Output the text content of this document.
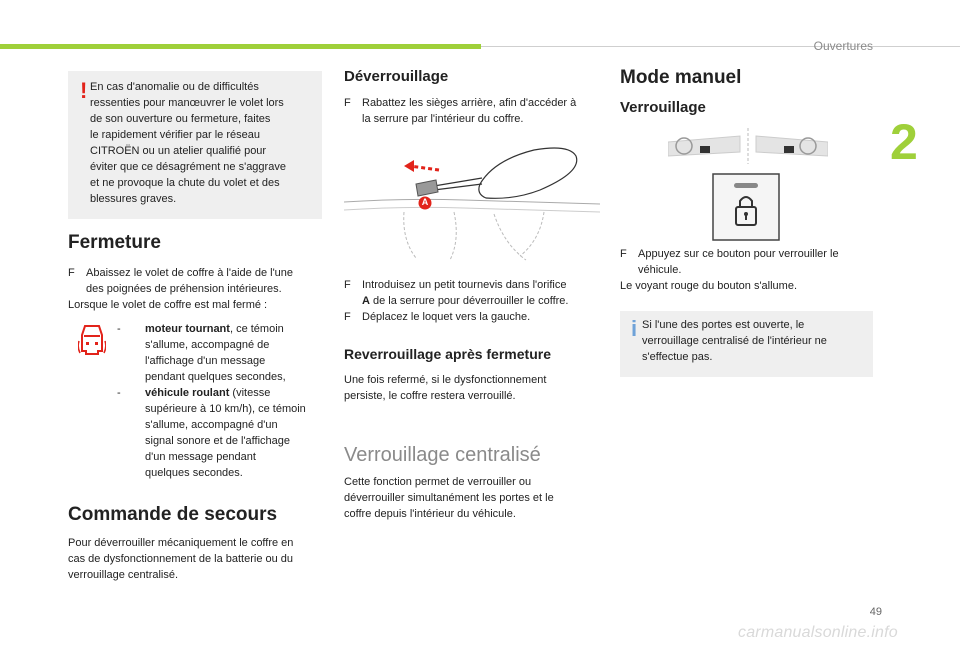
Ouvertures
2
49
carmanualsonline.info
! En cas d'anomalie ou de difficultés

ressenties pour manœuvrer le volet lors

de son ouverture ou fermeture, faites

le rapidement vérifier par le réseau

CITROËN ou un atelier qualifié pour

éviter que ce désagrément ne s'aggrave

et ne provoque la chute du volet et des

blessures graves.

Fermeture
F Abaissez le volet de coffre à l'aide de l'une
des poignées de préhension intérieures.

Lorsque le volet de coffre est mal fermé :

- moteur tournant, ce témoin
s'allume, accompagné de
l'affichage d'un message
pendant quelques secondes,
- véhicule roulant (vitesse
supérieure à 10 km/h), ce témoin
s'allume, accompagné d'un
signal sonore et de l'affichage
d'un message pendant
quelques secondes.
Commande de secours

Pour déverrouiller mécaniquement le coffre en

cas de dysfonctionnement de la batterie ou du

verrouillage centralisé.

Déverrouillage
F Rabattez les sièges arrière, afin d'accéder à
la serrure par l'intérieur du coffre.
A
F Introduisez un petit tournevis dans l'orifice
A de la serrure pour déverrouiller le coffre.
F Déplacez le loquet vers la gauche.
Reverrouillage après fermeture

Une fois refermé, si le dysfonctionnement

persiste, le coffre restera verrouillé.

Verrouillage centralisé

Cette fonction permet de verrouiller ou

déverrouiller simultanément les portes et le

coffre depuis l'intérieur du véhicule.

Mode manuel
Verrouillage
F Appuyez sur ce bouton pour verrouiller le
véhicule.

Le voyant rouge du bouton s'allume.

i Si l'une des portes est ouverte, le

verrouillage centralisé de l'intérieur ne

s'effectue pas.
